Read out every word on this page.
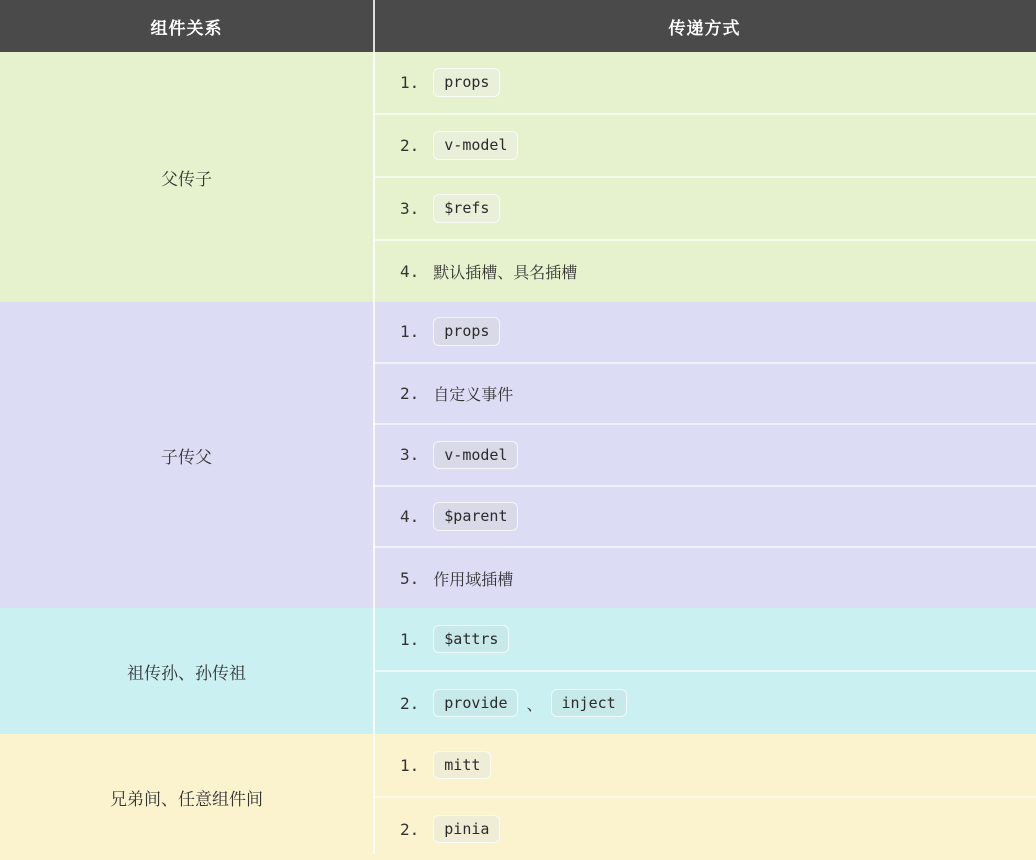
组件关系	传递方式
父传子
1.	props
2.	v-model
3.	$refs
4. 默认插槽、具名插槽
子传父
1.	props
2. 自定义事件
3.	v-model
4.	$parent
5. 作用域插槽
祖传孙、孙传祖
1.	$attrs
2.	provide	、	inject
兄弟间、任意组件间
1.	mitt
2.	pinia
